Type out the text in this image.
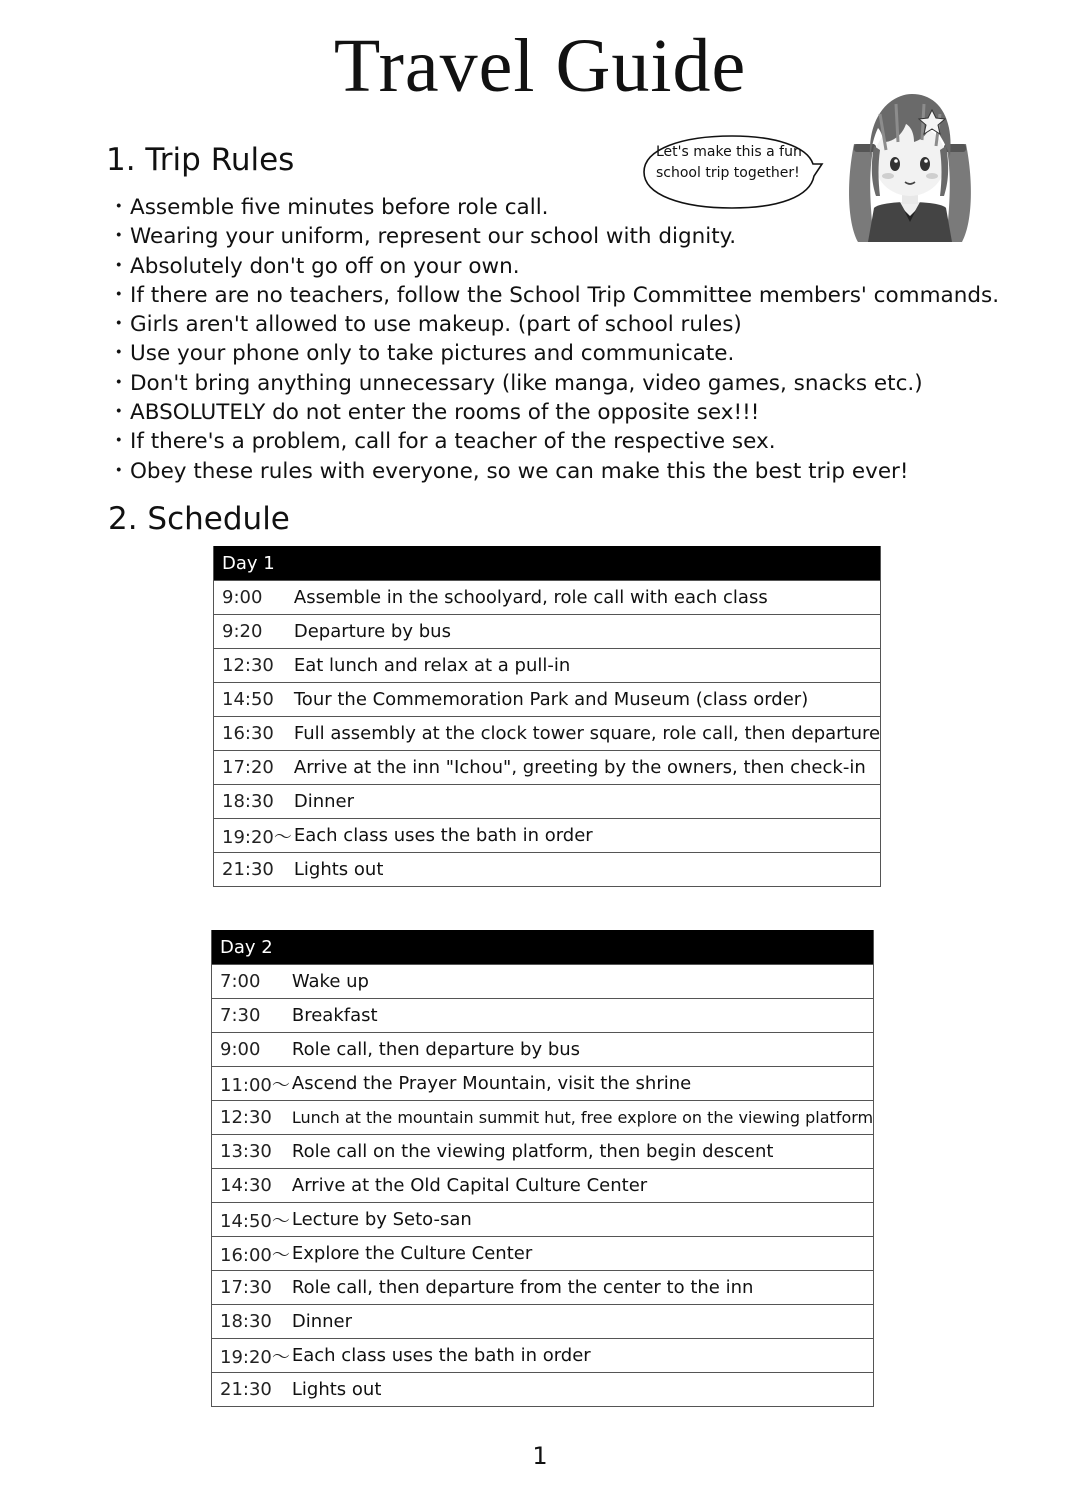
Travel Guide
1. Trip Rules
・Assemble five minutes before role call.
・Wearing your uniform, represent our school with dignity.
・Absolutely don't go off on your own.
・If there are no teachers, follow the School Trip Committee members' commands.
・Girls aren't allowed to use makeup. (part of school rules)
・Use your phone only to take pictures and communicate.
・Don't bring anything unnecessary (like manga, video games, snacks etc.)
・ABSOLUTELY do not enter the rooms of the opposite sex!!!
・If there's a problem, call for a teacher of the respective sex.
・Obey these rules with everyone, so we can make this the best trip ever!
Let's make this a fun
school trip together!
2. Schedule
Day 1	
9:00	Assemble in the schoolyard, role call with each class
9:20	Departure by bus
12:30	Eat lunch and relax at a pull-in
14:50	Tour the Commemoration Park and Museum (class order)
16:30	Full assembly at the clock tower square, role call, then departure
17:20	Arrive at the inn "Ichou", greeting by the owners, then check-in
18:30	Dinner
19:20〜	Each class uses the bath in order
21:30	Lights out
Day 2	
7:00	Wake up
7:30	Breakfast
9:00	Role call, then departure by bus
11:00〜	Ascend the Prayer Mountain, visit the shrine
12:30	Lunch at the mountain summit hut, free explore on the viewing platform
13:30	Role call on the viewing platform, then begin descent
14:30	Arrive at the Old Capital Culture Center
14:50〜	Lecture by Seto-san
16:00〜	Explore the Culture Center
17:30	Role call, then departure from the center to the inn
18:30	Dinner
19:20〜	Each class uses the bath in order
21:30	Lights out
1
